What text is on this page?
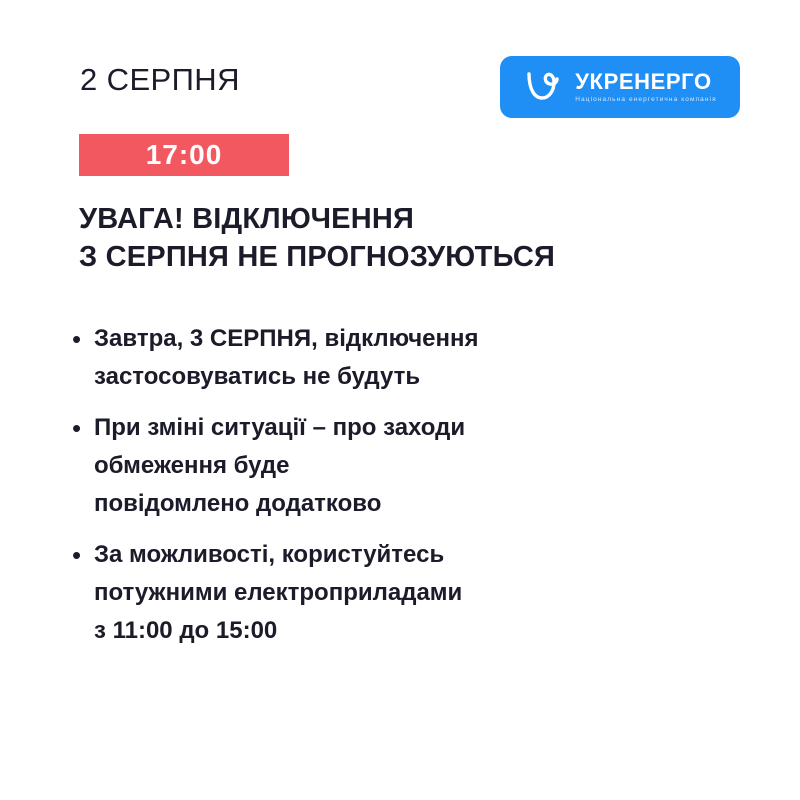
2 СЕРПНЯ	УКРЕНЕРГО
Національна енергетична компанія
17:00
УВАГА! ВІДКЛЮЧЕННЯ
З СЕРПНЯ НЕ ПРОГНОЗУЮТЬСЯ
• Завтра, 3 СЕРПНЯ, відключення
застосовуватись не будуть
• При зміні ситуації – про заходи
обмеження буде
повідомлено додатково
• За можливості, користуйтесь
потужними електроприладами
з 11:00 до 15:00
